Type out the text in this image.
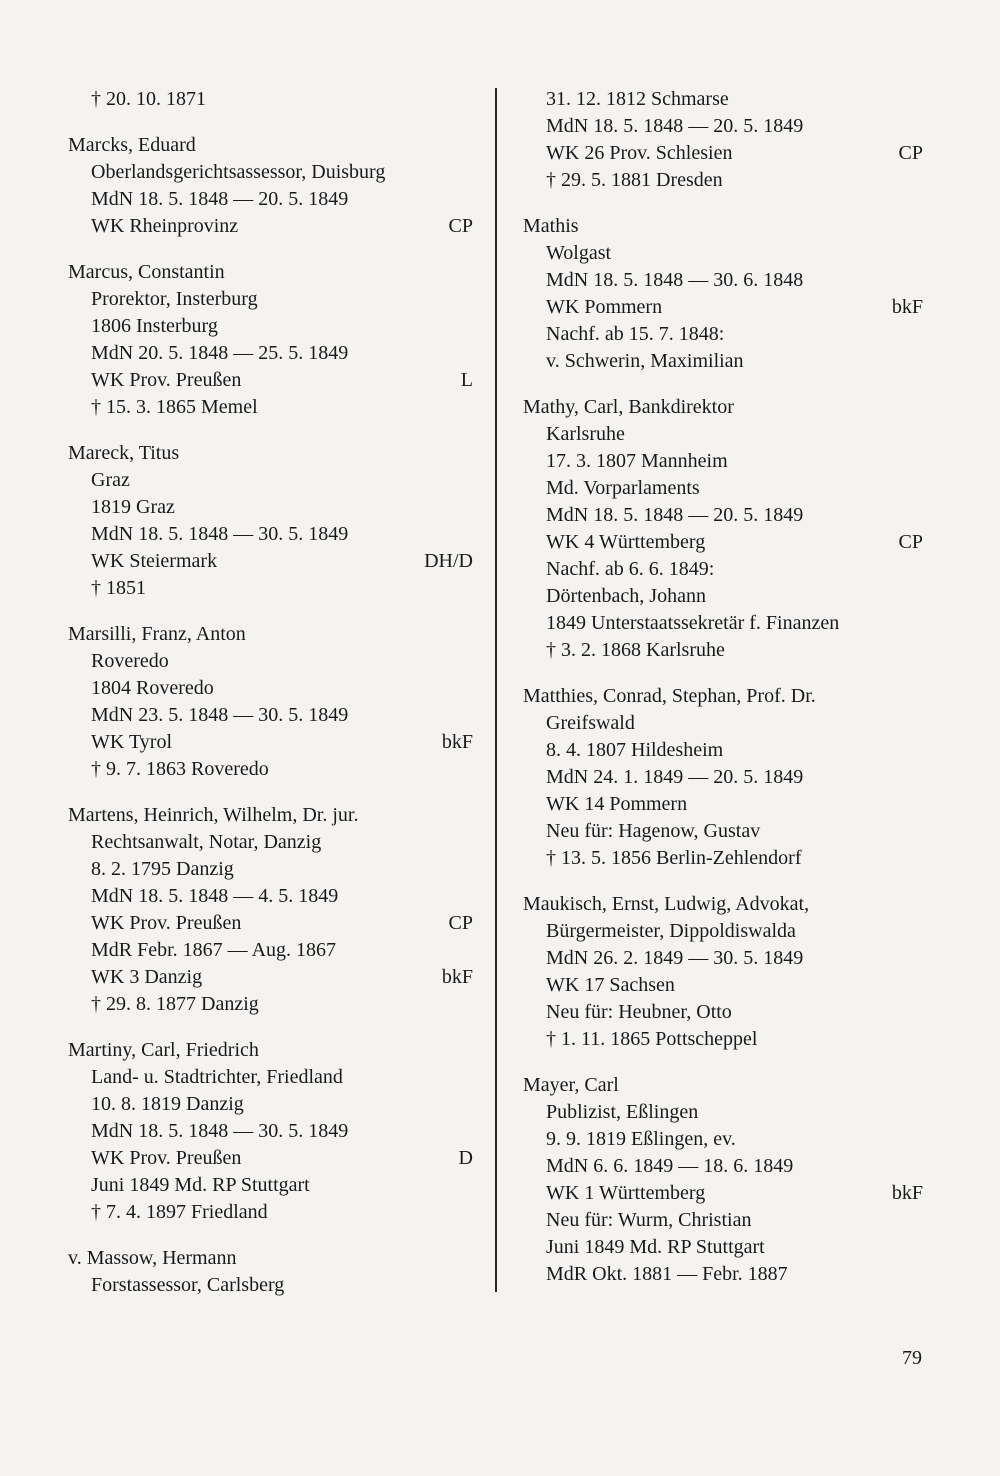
† 20. 10. 1871
Marcks, Eduard
Oberlandsgerichtsassessor, Duisburg
MdN 18. 5. 1848 — 20. 5. 1849
WK Rheinprovinz	CP
Marcus, Constantin
Prorektor, Insterburg
1806 Insterburg
MdN 20. 5. 1848 — 25. 5. 1849
WK Prov. Preußen	L
† 15. 3. 1865 Memel
Mareck, Titus
Graz
1819 Graz
MdN 18. 5. 1848 — 30. 5. 1849
WK Steiermark	DH/D
† 1851
Marsilli, Franz, Anton
Roveredo
1804 Roveredo
MdN 23. 5. 1848 — 30. 5. 1849
WK Tyrol	bkF
† 9. 7. 1863 Roveredo
Martens, Heinrich, Wilhelm, Dr. jur.
Rechtsanwalt, Notar, Danzig
8. 2. 1795 Danzig
MdN 18. 5. 1848 — 4. 5. 1849
WK Prov. Preußen	CP
MdR Febr. 1867 — Aug. 1867
WK 3 Danzig	bkF
† 29. 8. 1877 Danzig
Martiny, Carl, Friedrich
Land- u. Stadtrichter, Friedland
10. 8. 1819 Danzig
MdN 18. 5. 1848 — 30. 5. 1849
WK Prov. Preußen	D
Juni 1849 Md. RP Stuttgart
† 7. 4. 1897 Friedland
v. Massow, Hermann
Forstassessor, Carlsberg
31. 12. 1812 Schmarse
MdN 18. 5. 1848 — 20. 5. 1849
WK 26 Prov. Schlesien	CP
† 29. 5. 1881 Dresden
Mathis
Wolgast
MdN 18. 5. 1848 — 30. 6. 1848
WK Pommern	bkF
Nachf. ab 15. 7. 1848:
v. Schwerin, Maximilian
Mathy, Carl, Bankdirektor
Karlsruhe
17. 3. 1807 Mannheim
Md. Vorparlaments
MdN 18. 5. 1848 — 20. 5. 1849
WK 4 Württemberg	CP
Nachf. ab 6. 6. 1849:
Dörtenbach, Johann
1849 Unterstaatssekretär f. Finanzen
† 3. 2. 1868 Karlsruhe
Matthies, Conrad, Stephan, Prof. Dr.
Greifswald
8. 4. 1807 Hildesheim
MdN 24. 1. 1849 — 20. 5. 1849
WK 14 Pommern
Neu für: Hagenow, Gustav
† 13. 5. 1856 Berlin-Zehlendorf
Maukisch, Ernst, Ludwig, Advokat,
Bürgermeister, Dippoldiswalda
MdN 26. 2. 1849 — 30. 5. 1849
WK 17 Sachsen
Neu für: Heubner, Otto
† 1. 11. 1865 Pottscheppel
Mayer, Carl
Publizist, Eßlingen
9. 9. 1819 Eßlingen, ev.
MdN 6. 6. 1849 — 18. 6. 1849
WK 1 Württemberg	bkF
Neu für: Wurm, Christian
Juni 1849 Md. RP Stuttgart
MdR Okt. 1881 — Febr. 1887
79
